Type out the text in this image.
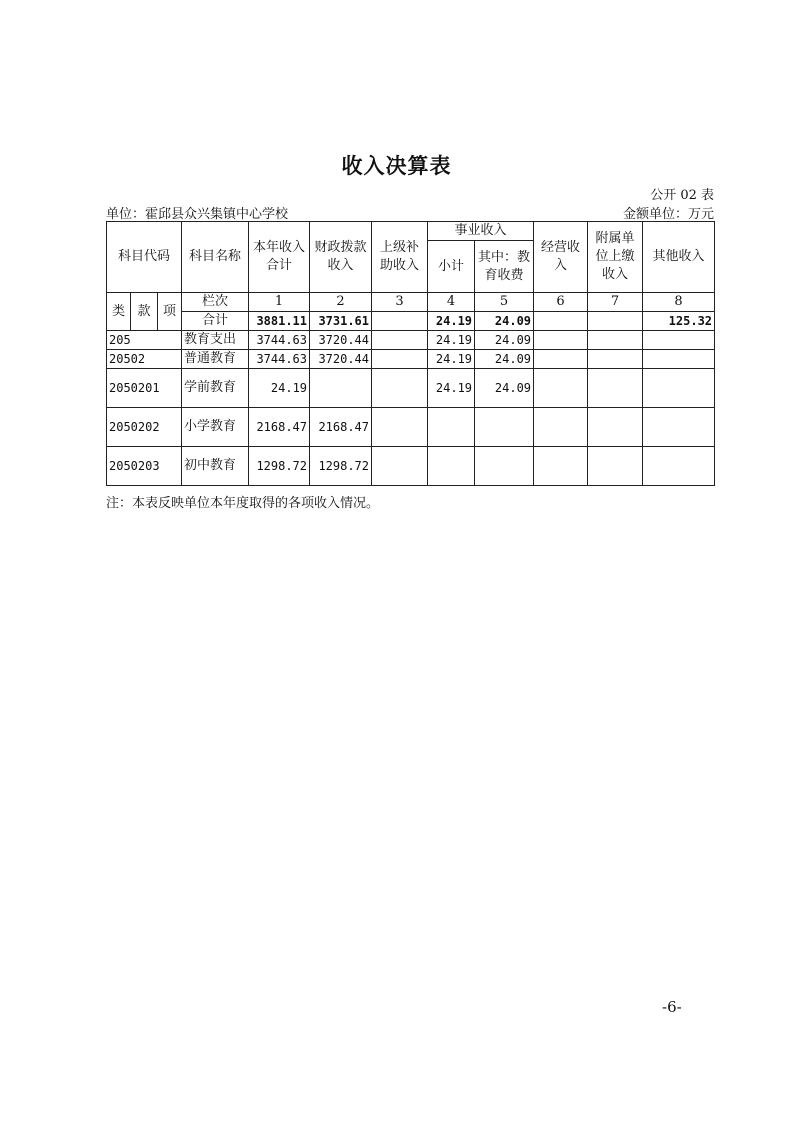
收入决算表
公开 02 表
单位：霍邱县众兴集镇中心学校	金额单位：万元
科目代码			科目名称	本年收入合计	财政拨款收入	上级补助收入	事业收入		经营收入	附属单位上缴收入	其他收入
							小计	其中：教育收费			
类	款	项	栏次	1	2	3	4	5	6	7	8
			合计	3881.11	3731.61		24.19	24.09			125.32
205			教育支出	3744.63	3720.44		24.19	24.09			
20502			普通教育	3744.63	3720.44		24.19	24.09			
2050201			学前教育	24.19			24.19	24.09			
2050202			小学教育	2168.47	2168.47						
2050203			初中教育	1298.72	1298.72						
注：本表反映单位本年度取得的各项收入情况。
-6-
